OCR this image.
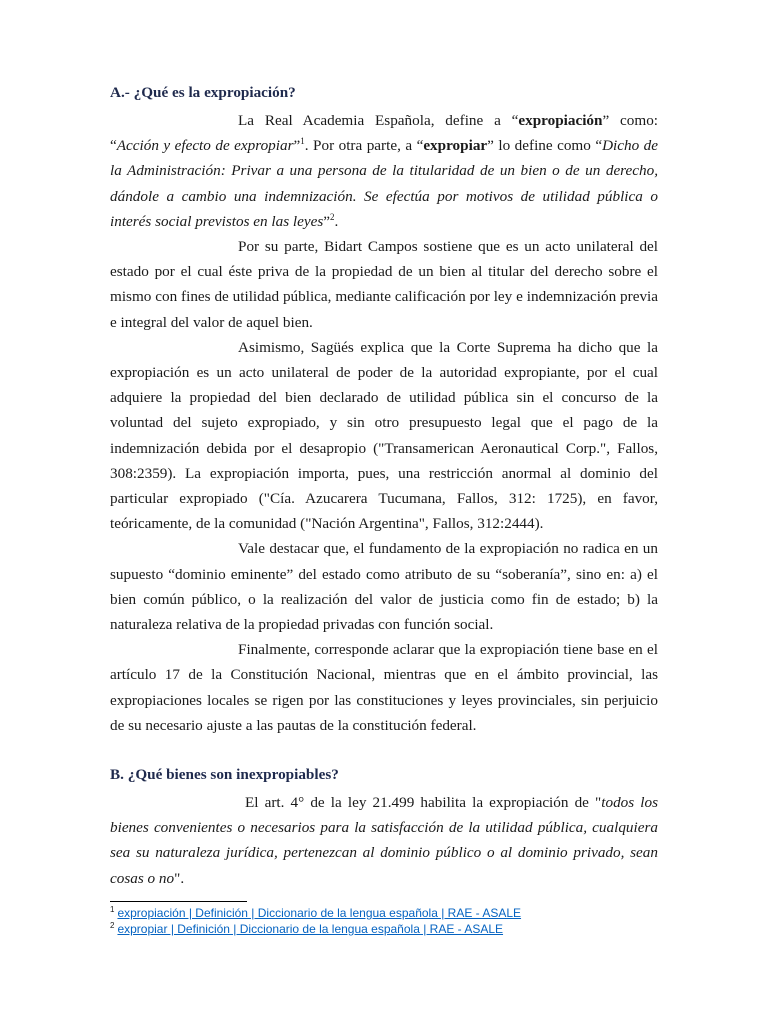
A.- ¿Qué es la expropiación?

La Real Academia Española, define a “expropiación” como: “Acción y efecto de expropiar”$^1$. Por otra parte, a “expropiar” lo define como “Dicho de la Administración: Privar a una persona de la titularidad de un bien o de un derecho, dándole a cambio una indemnización. Se efectúa por motivos de utilidad pública o interés social previstos en las leyes”$^2$.

Por su parte, Bidart Campos sostiene que es un acto unilateral del estado por el cual éste priva de la propiedad de un bien al titular del derecho sobre el mismo con fines de utilidad pública, mediante calificación por ley e indemnización previa e integral del valor de aquel bien.

Asimismo, Sagüés explica que la Corte Suprema ha dicho que la expropiación es un acto unilateral de poder de la autoridad expropiante, por el cual adquiere la propiedad del bien declarado de utilidad pública sin el concurso de la voluntad del sujeto expropiado, y sin otro presupuesto legal que el pago de la indemnización debida por el desapropio ("Transamerican Aeronautical Corp.", Fallos, 308:2359). La expropiación importa, pues, una restricción anormal al dominio del particular expropiado ("Cía. Azucarera Tucumana, Fallos, 312: 1725), en favor, teóricamente, de la comunidad ("Nación Argentina", Fallos, 312:2444).

Vale destacar que, el fundamento de la expropiación no radica en un supuesto “dominio eminente” del estado como atributo de su “soberanía”, sino en: a) el bien común público, o la realización del valor de justicia como fin de estado; b) la naturaleza relativa de la propiedad privadas con función social.

Finalmente, corresponde aclarar que la expropiación tiene base en el artículo 17 de la Constitución Nacional, mientras que en el ámbito provincial, las expropiaciones locales se rigen por las constituciones y leyes provinciales, sin perjuicio de su necesario ajuste a las pautas de la constitución federal.

B. ¿Qué bienes son inexpropiables?

El art. 4° de la ley 21.499 habilita la expropiación de "todos los bienes convenientes o necesarios para la satisfacción de la utilidad pública, cualquiera sea su naturaleza jurídica, pertenezcan al dominio público o al dominio privado, sean cosas o no".

$^1$ expropiación | Definición | Diccionario de la lengua española | RAE - ASALE
$^2$ expropiar | Definición | Diccionario de la lengua española | RAE - ASALE
